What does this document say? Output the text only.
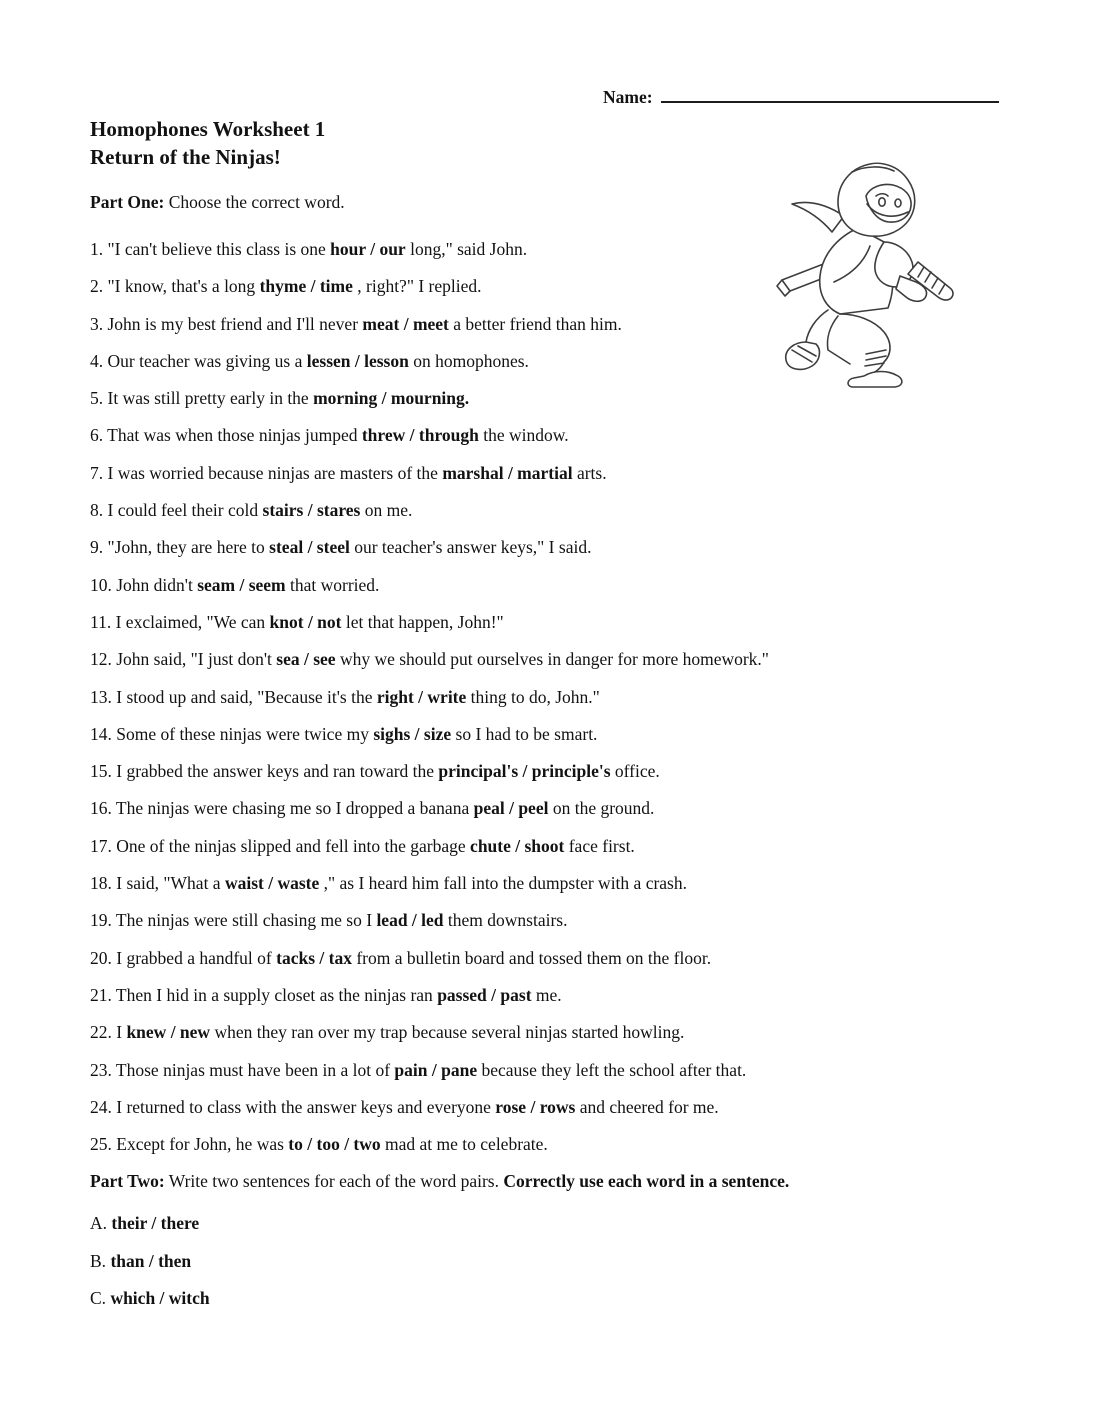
Name:
Homophones Worksheet 1
Return of the Ninjas!

Part One: Choose the correct word.

1. "I can't believe this class is one hour / our long," said John.
2. "I know, that's a long thyme / time , right?" I replied.
3. John is my best friend and I'll never meat / meet a better friend than him.
4. Our teacher was giving us a lessen / lesson on homophones.
5. It was still pretty early in the morning / mourning.
6. That was when those ninjas jumped threw / through the window.
7. I was worried because ninjas are masters of the marshal / martial arts.
8. I could feel their cold stairs / stares on me.
9. "John, they are here to steal / steel our teacher's answer keys," I said.
10. John didn't seam / seem that worried.
11. I exclaimed, "We can knot / not let that happen, John!"
12. John said, "I just don't sea / see why we should put ourselves in danger for more homework."
13. I stood up and said, "Because it's the right / write thing to do, John."
14. Some of these ninjas were twice my sighs / size so I had to be smart.
15. I grabbed the answer keys and ran toward the principal's / principle's office.
16. The ninjas were chasing me so I dropped a banana peal / peel on the ground.
17. One of the ninjas slipped and fell into the garbage chute / shoot face first.
18. I said, "What a waist / waste ," as I heard him fall into the dumpster with a crash.
19. The ninjas were still chasing me so I lead / led them downstairs.
20. I grabbed a handful of tacks / tax from a bulletin board and tossed them on the floor.
21. Then I hid in a supply closet as the ninjas ran passed / past me.
22. I knew / new when they ran over my trap because several ninjas started howling.
23. Those ninjas must have been in a lot of pain / pane because they left the school after that.
24. I returned to class with the answer keys and everyone rose / rows and cheered for me.
25. Except for John, he was to / too / two mad at me to celebrate.

Part Two: Write two sentences for each of the word pairs. Correctly use each word in a sentence.

A. their / there
B. than / then
C. which / witch
